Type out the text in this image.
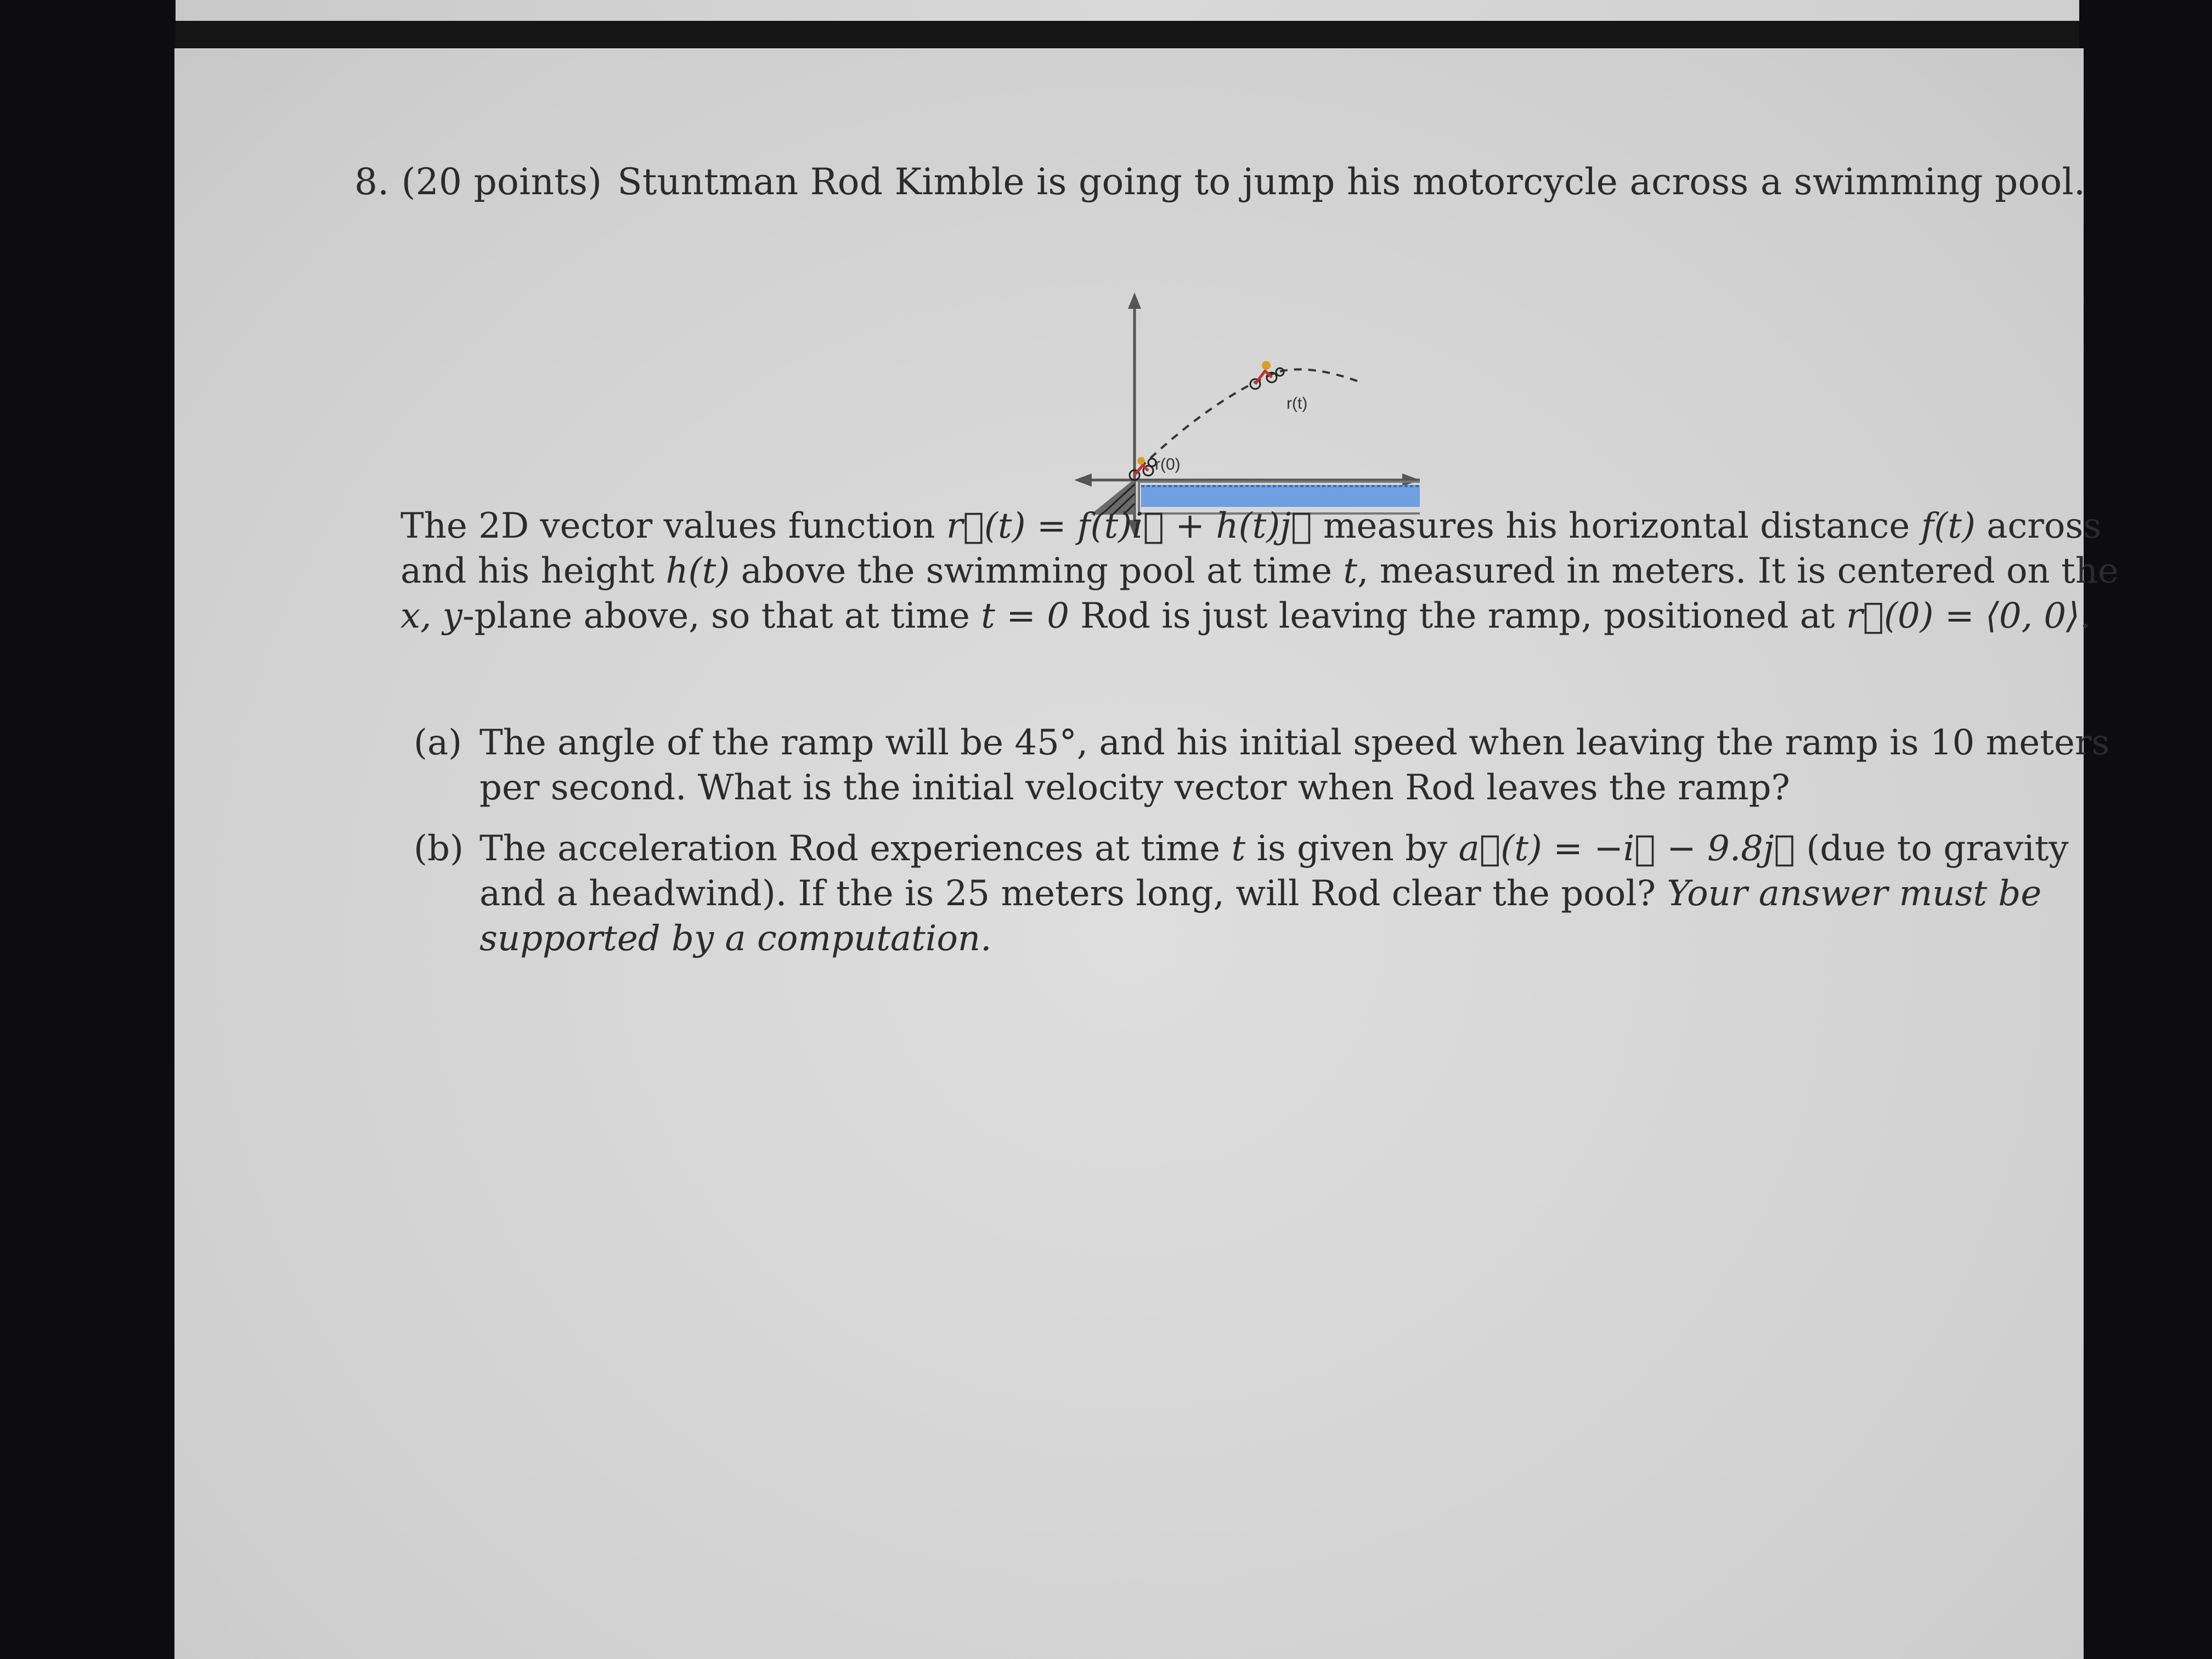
8. (20 points) Stuntman Rod Kimble is going to jump his motorcycle across a swimming pool.
r(0)
r(t)
The 2D vector values function r⃗(t) = f(t)i⃗ + h(t)j⃗ measures his horizontal distance f(t) across
and his height h(t) above the swimming pool at time t, measured in meters. It is centered on the
x, y-plane above, so that at time t = 0 Rod is just leaving the ramp, positioned at r⃗(0) = ⟨0, 0⟩.
(a) The angle of the ramp will be 45°, and his initial speed when leaving the ramp is 10 meters
per second. What is the initial velocity vector when Rod leaves the ramp?
(b) The acceleration Rod experiences at time t is given by a⃗(t) = −i⃗ − 9.8j⃗ (due to gravity
and a headwind). If the is 25 meters long, will Rod clear the pool? Your answer must be
supported by a computation.
